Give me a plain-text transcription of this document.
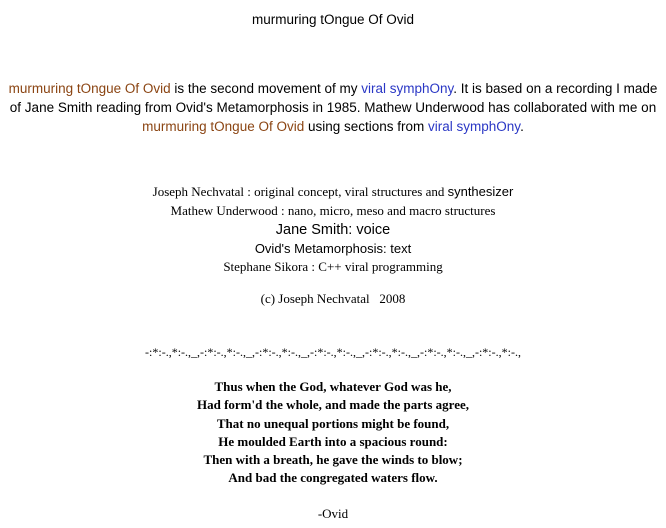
murmuring tOngue Of Ovid
murmuring tOngue Of Ovid is the second movement of my viral symphOny. It is based on a recording I made of Jane Smith reading from Ovid's Metamorphosis in 1985. Mathew Underwood has collaborated with me on murmuring tOngue Of Ovid using sections from viral symphOny.
Joseph Nechvatal : original concept, viral structures and synthesizer
Mathew Underwood : nano, micro, meso and macro structures
Jane Smith: voice
Ovid's Metamorphosis: text
Stephane Sikora : C++ viral programming
(c) Joseph Nechvatal   2008
-:*:-.,*:-.,_,-:*:-.,*:-.,_,-:*:-.,*:-.,_,-:*:-.,*:-.,_,-:*:-.,*:-.,_,-:*:-.,*:-.,_,-:*:-.,*:-.,
Thus when the God, whatever God was he,
Had form'd the whole, and made the parts agree,
That no unequal portions might be found,
He moulded Earth into a spacious round:
Then with a breath, he gave the winds to blow;
And bad the congregated waters flow.
-Ovid
